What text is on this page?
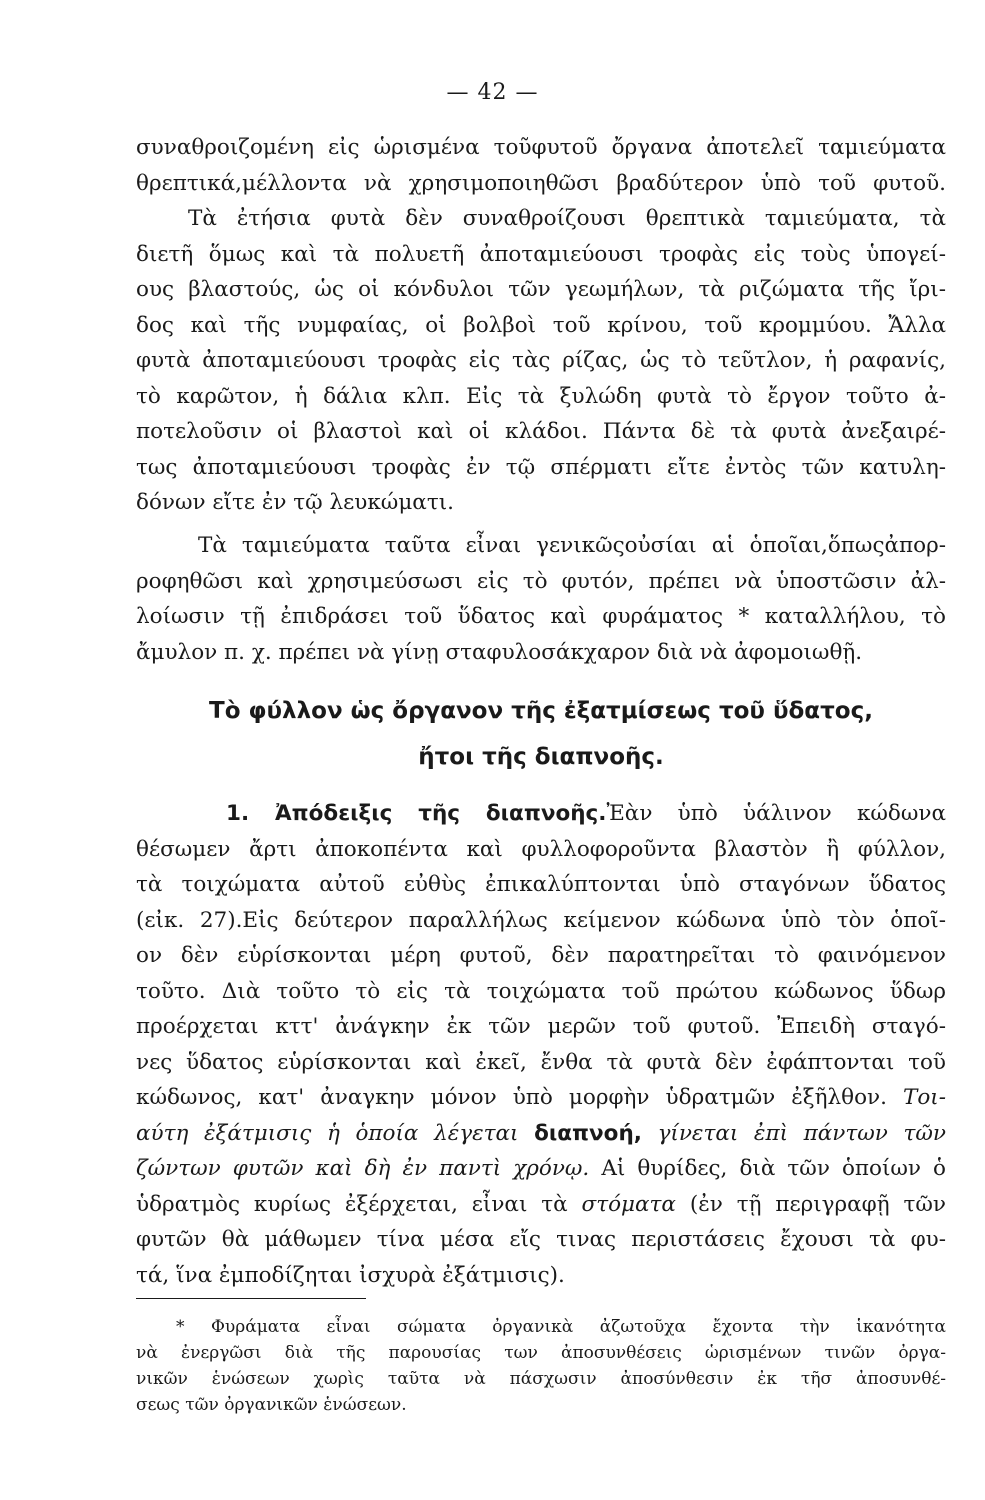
— 42 —
συναθροιζομένη εἰς ὡρισμένα τοῦφυτοῦ ὄργανα ἀποτελεῖ ταμιεύματα
θρεπτικά,μέλλοντα νὰ χρησιμοποιηθῶσι βραδύτερον ὑπὸ τοῦ φυτοῦ.
Τὰ ἐτήσια φυτὰ δὲν συναθροίζουσι θρεπτικὰ ταμιεύματα, τὰ
διετῆ ὅμως καὶ τὰ πολυετῆ ἀποταμιεύουσι τροφὰς εἰς τοὺς ὑπογεί-
ους βλαστούς, ὡς οἱ κόνδυλοι τῶν γεωμήλων, τὰ ριζώματα τῆς ἴρι-
δος καὶ τῆς νυμφαίας, οἱ βολβοὶ τοῦ κρίνου, τοῦ κρομμύου. Ἄλλα
φυτὰ ἀποταμιεύουσι τροφὰς εἰς τὰς ρίζας, ὡς τὸ τεῦτλον, ἡ ραφανίς,
τὸ καρῶτον, ἡ δάλια κλπ. Εἰς τὰ ξυλώδη φυτὰ τὸ ἔργον τοῦτο ἀ-
ποτελοῦσιν οἱ βλαστοὶ καὶ οἱ κλάδοι. Πάντα δὲ τὰ φυτὰ ἀνεξαιρέ-
τως ἀποταμιεύουσι τροφὰς ἐν τῷ σπέρματι εἴτε ἐντὸς τῶν κατυλη-
δόνων εἴτε ἐν τῷ λευκώματι.
Τὰ ταμιεύματα ταῦτα εἶναι γενικῶςοὐσίαι αἱ ὁποῖαι,ὅπωςἀπορ-
ροφηθῶσι καὶ χρησιμεύσωσι εἰς τὸ φυτόν, πρέπει νὰ ὑποστῶσιν ἀλ-
λοίωσιν τῇ ἐπιδράσει τοῦ ὕδατος καὶ φυράματος * καταλλήλου, τὸ
ἄμυλον π. χ. πρέπει νὰ γίνῃ σταφυλοσάκχαρον διὰ νὰ ἀφομοιωθῇ.
Τὸ φύλλον ὡς ὄργανον τῆς ἐξατμίσεως τοῦ ὕδατος,
ἤτοι τῆς διαπνοῆς.
1. Ἀπόδειξις τῆς διαπνοῆς.Ἐὰν ὑπὸ ὑάλινον κώδωνα
θέσωμεν ἄρτι ἀποκοπέντα καὶ φυλλοφοροῦντα βλαστὸν ἢ φύλλον,
τὰ τοιχώματα αὐτοῦ εὐθὺς ἐπικαλύπτονται ὑπὸ σταγόνων ὕδατος
(εἰκ. 27).Εἰς δεύτερον παραλλήλως κείμενον κώδωνα ὑπὸ τὸν ὁποῖ-
ον δὲν εὑρίσκονται μέρη φυτοῦ, δὲν παρατηρεῖται τὸ φαινόμενον
τοῦτο. Διὰ τοῦτο τὸ εἰς τὰ τοιχώματα τοῦ πρώτου κώδωνος ὕδωρ
προέρχεται κττ' ἀνάγκην ἐκ τῶν μερῶν τοῦ φυτοῦ. Ἐπειδὴ σταγό-
νες ὕδατος εὑρίσκονται καὶ ἐκεῖ, ἔνθα τὰ φυτὰ δὲν ἐφάπτονται τοῦ
κώδωνος, κατ' ἀναγκην μόνον ὑπὸ μορφὴν ὑδρατμῶν ἐξῆλθον. Τοι-
αύτη ἐξάτμισις ἡ ὁποία λέγεται διαπνοή, γίνεται ἐπὶ πάντων τῶν
ζώντων φυτῶν καὶ δὴ ἐν παντὶ χρόνῳ. Αἱ θυρίδες, διὰ τῶν ὁποίων ὁ
ὑδρατμὸς κυρίως ἐξέρχεται, εἶναι τὰ στόματα (ἐν τῇ περιγραφῇ τῶν
φυτῶν θὰ μάθωμεν τίνα μέσα εἴς τινας περιστάσεις ἔχουσι τὰ φυ-
τά, ἵνα ἐμποδίζηται ἰσχυρὰ ἐξάτμισις).
* Φυράματα εἶναι σώματα ὀργανικὰ ἀζωτοῦχα ἔχοντα τὴν ἱκανότητα
νὰ ἐνεργῶσι διὰ τῆς παρουσίας των ἀποσυνθέσεις ὡρισμένων τινῶν ὀργα-
νικῶν ἑνώσεων χωρὶς ταῦτα νὰ πάσχωσιν ἀποσύνθεσιν ἐκ τῆσ ἀποσυνθέ-
σεως τῶν ὀργανικῶν ἑνώσεων.
